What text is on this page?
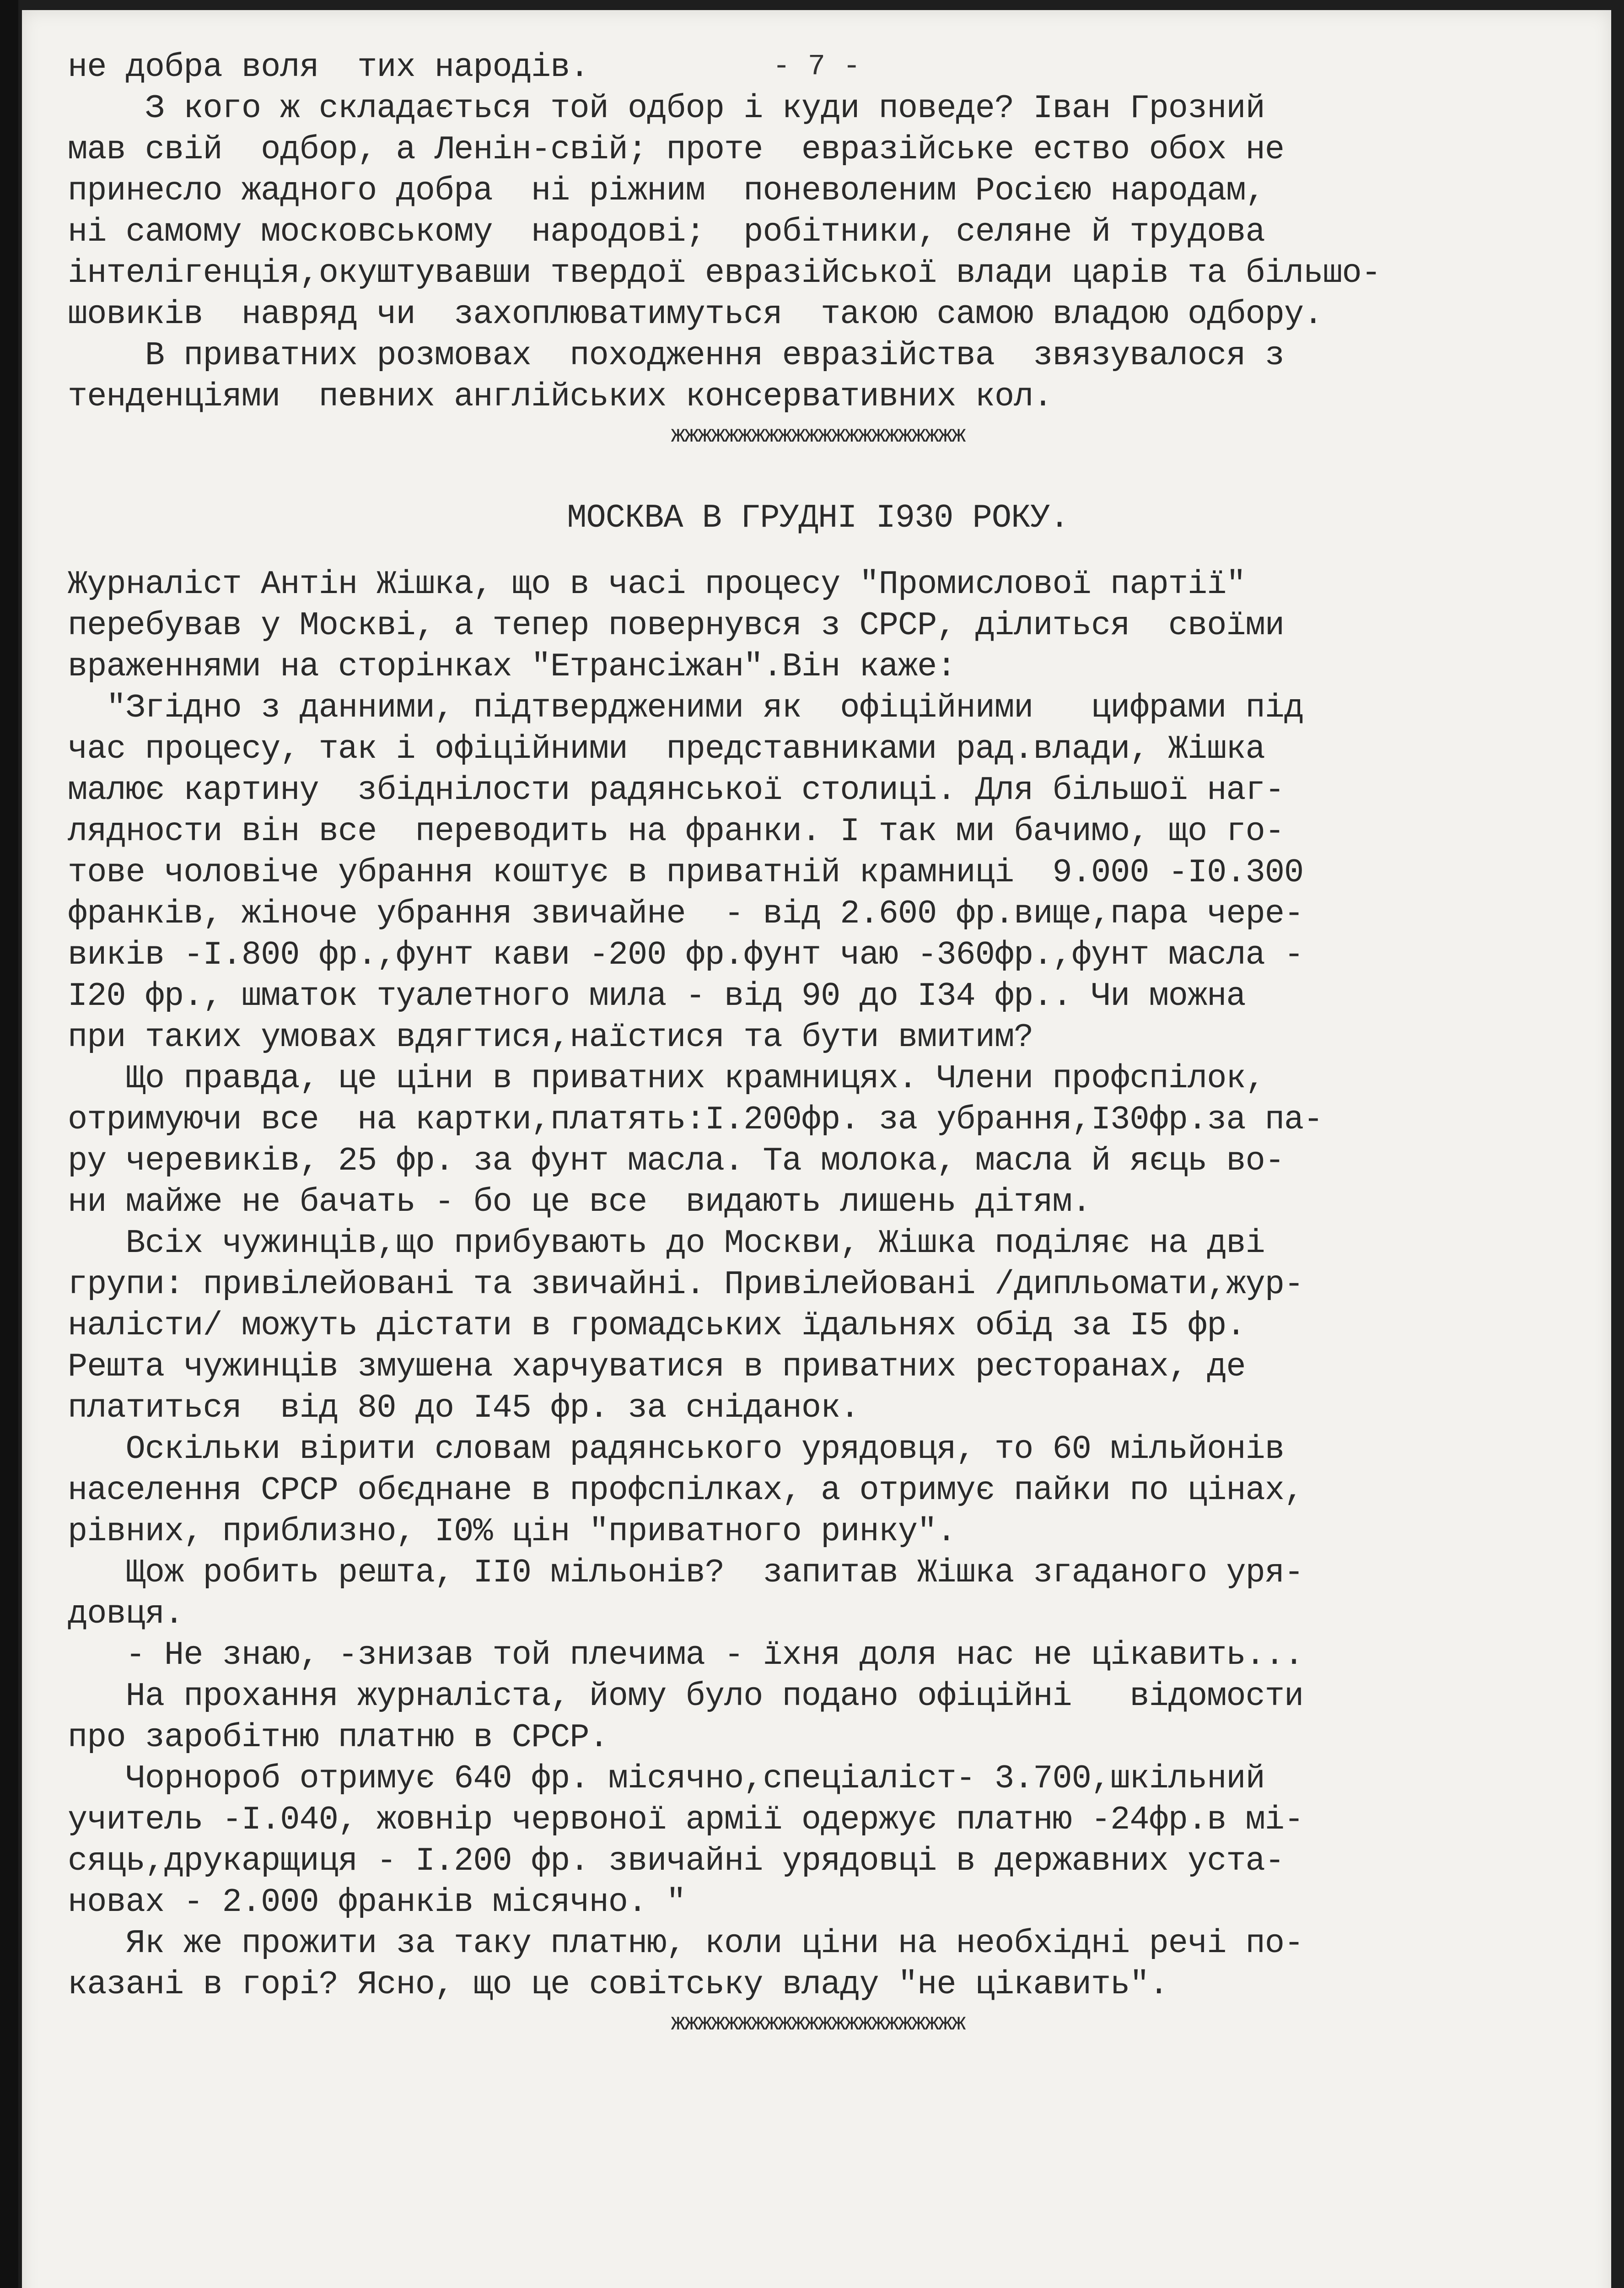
- 7 -
не добра воля  тих народів.
З кого ж складається той одбор і куди поведе? Іван Грозний
мав свій  одбор, а Ленін-свій; проте  евразійське ество обох не
принесло жадного добра  ні ріжним  поневоленим Росією народам,
ні самому московському  народові;  робітники, селяне й трудова
інтелігенція,окуштувавши твердої евразійської влади царів та більшо-
шовиків  навряд чи  захоплюватимуться  такою самою владою одбору.
В приватних розмовах  походження евразійства  звязувалося з
тенденціями  певних англійських консервативних кол.
жжжжжжжжжжжжжжжжжжжжжж
МОСКВА В ГРУДНІ І930 РОКУ.
Журналіст Антін Жішка, що в часі процесу "Промислової партії"
перебував у Москві, а тепер повернувся з СРСР, ділиться  своїми
враженнями на сторінках "Етрансіжан".Він каже:
"Згідно з данними, підтвердженими як  офіційними   цифрами під
час процесу, так і офіційними  представниками рад.влади, Жішка
малює картину  збіднілости радянської столиці. Для більшої наг-
лядности він все  переводить на франки. І так ми бачимо, що го-
тове чоловіче убрання коштує в приватній крамниці  9.000 -І0.300
франків, жіноче убрання звичайне  - від 2.600 фр.вище,пара чере-
виків -І.800 фр.,фунт кави -200 фр.фунт чаю -360фр.,фунт масла -
І20 фр., шматок туалетного мила - від 90 до І34 фр.. Чи можна
при таких умовах вдягтися,наїстися та бути вмитим?
Що правда, це ціни в приватних крамницях. Члени профспілок,
отримуючи все  на картки,платять:І.200фр. за убрання,І30фр.за па-
ру черевиків, 25 фр. за фунт масла. Та молока, масла й яєць во-
ни майже не бачать - бо це все  видають лишень дітям.
Всіх чужинців,що прибувають до Москви, Жішка поділяє на дві
групи: привілейовані та звичайні. Привілейовані /дипльомати,жур-
налісти/ можуть дістати в громадських їдальнях обід за І5 фр.
Решта чужинців змушена харчуватися в приватних ресторанах, де
платиться  від 80 до І45 фр. за сніданок.
Оскільки вірити словам радянського урядовця, то 60 мільйонів
населення СРСР обєднане в профспілках, а отримує пайки по цінах,
рівних, приблизно, І0% цін "приватного ринку".
Щож робить решта, ІІ0 мільонів?  запитав Жішка згаданого уря-
довця.
- Не знаю, -знизав той плечима - їхня доля нас не цікавить...
На прохання журналіста, йому було подано офіційні   відомости
про заробітню платню в СРСР.
Чорнороб отримує 640 фр. місячно,спеціаліст- 3.700,шкільний
учитель -І.040, жовнір червоної армії одержує платню -24фр.в мі-
сяць,друкарщиця - І.200 фр. звичайні урядовці в державних уста-
новах - 2.000 франків місячно. "
Як же прожити за таку платню, коли ціни на необхідні речі по-
казані в горі? Ясно, що це совітську владу "не цікавить".
жжжжжжжжжжжжжжжжжжжжжж
